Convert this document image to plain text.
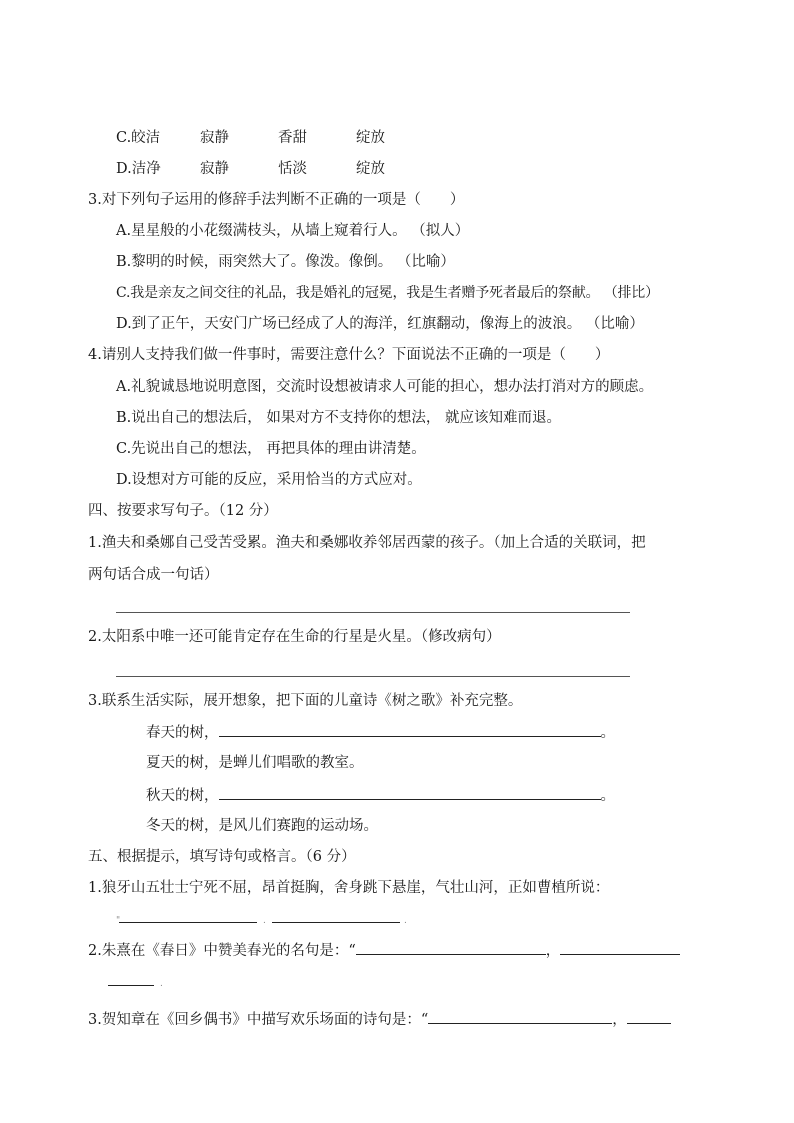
C.皎洁	寂静	香甜	绽放
D.洁净	寂静	恬淡	绽放
3.对下列句子运用的修辞手法判断不正确的一项是（　　）
A.星星般的小花缀满枝头，从墙上窥着行人。 （拟人）
B.黎明的时候，雨突然大了。像泼。像倒。 （比喻）
C.我是亲友之间交往的礼品，我是婚礼的冠冕，我是生者赠予死者最后的祭献。 （排比）
D.到了正午，天安门广场已经成了人的海洋，红旗翻动，像海上的波浪。 （比喻）
4.请别人支持我们做一件事时，需要注意什么？下面说法不正确的一项是（　　）
A.礼貌诚恳地说明意图，交流时设想被请求人可能的担心，想办法打消对方的顾虑。
B.说出自己的想法后， 如果对方不支持你的想法， 就应该知难而退。
C.先说出自己的想法， 再把具体的理由讲清楚。
D.设想对方可能的反应，采用恰当的方式应对。
四、按要求写句子。（12 分）
1.渔夫和桑娜自己受苦受累。渔夫和桑娜收养邻居西蒙的孩子。（加上合适的关联词，把
两句话合成一句话）
2.太阳系中唯一还可能肯定存在生命的行星是火星。（修改病句）
3.联系生活实际，展开想象，把下面的儿童诗《树之歌》补充完整。
春天的树，	。
夏天的树，是蝉儿们唱歌的教室。
秋天的树，	。
冬天的树，是风儿们赛跑的运动场。
五、根据提示，填写诗句或格言。（6 分）
1.狼牙山五壮士宁死不屈，昂首挺胸，舍身跳下悬崖，气壮山河，正如曹植所说：
"	.	.
2.朱熹在《春日》中赞美春光的名句是：“	，
.
3.贺知章在《回乡偶书》中描写欢乐场面的诗句是：“	，
